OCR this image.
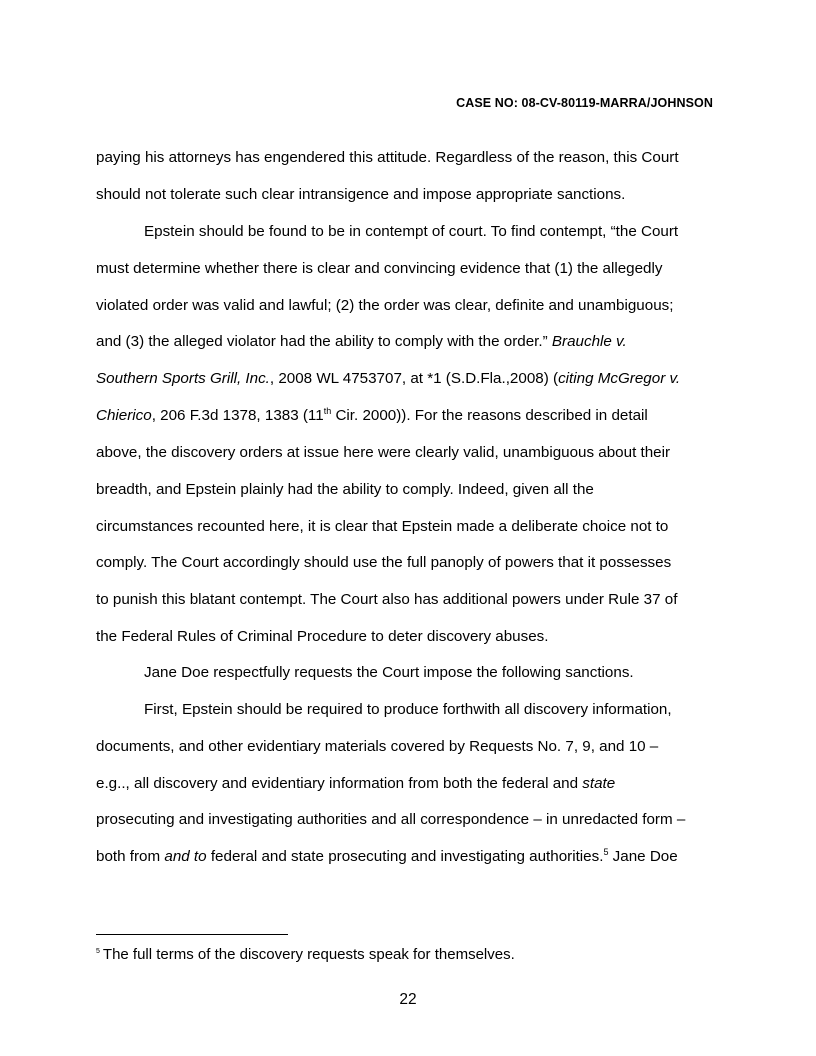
CASE NO: 08-CV-80119-MARRA/JOHNSON
paying his attorneys has engendered this attitude. Regardless of the reason, this Court
should not tolerate such clear intransigence and impose appropriate sanctions.
Epstein should be found to be in contempt of court. To find contempt, “the Court
must determine whether there is clear and convincing evidence that (1) the allegedly
violated order was valid and lawful; (2) the order was clear, definite and unambiguous;
and (3) the alleged violator had the ability to comply with the order.” Brauchle v.
Southern Sports Grill, Inc., 2008 WL 4753707, at *1 (S.D.Fla.,2008) (citing McGregor v.
Chierico, 206 F.3d 1378, 1383 (11th Cir. 2000)). For the reasons described in detail
above, the discovery orders at issue here were clearly valid, unambiguous about their
breadth, and Epstein plainly had the ability to comply. Indeed, given all the
circumstances recounted here, it is clear that Epstein made a deliberate choice not to
comply. The Court accordingly should use the full panoply of powers that it possesses
to punish this blatant contempt. The Court also has additional powers under Rule 37 of
the Federal Rules of Criminal Procedure to deter discovery abuses.
Jane Doe respectfully requests the Court impose the following sanctions.
First, Epstein should be required to produce forthwith all discovery information,
documents, and other evidentiary materials covered by Requests No. 7, 9, and 10 –
e.g.., all discovery and evidentiary information from both the federal and state
prosecuting and investigating authorities and all correspondence – in unredacted form –
both from and to federal and state prosecuting and investigating authorities.$^5$ Jane Doe
$^5$ The full terms of the discovery requests speak for themselves.
22
